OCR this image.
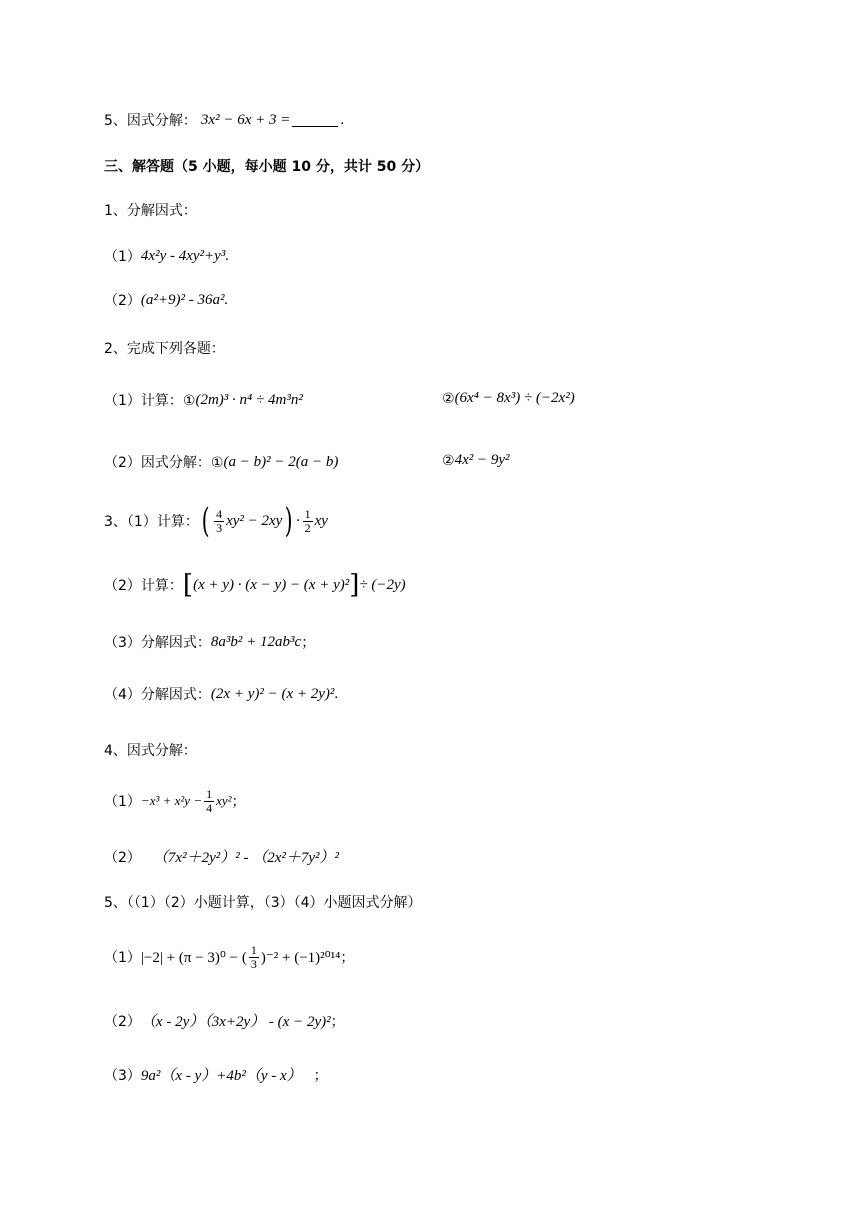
5、因式分解： 3x² − 6x + 3 =	.
三、解答题（5 小题，每小题 10 分，共计 50 分）
1、分解因式：
（1） 4x²y - 4xy²+y³.
（2） (a²+9)² - 36a².
2、完成下列各题：
（1）计算：① (2m)³ · n⁴ ÷ 4m³n²	② (6x⁴ − 8x³) ÷ (−2x²)
（2）因式分解：① (a − b)² − 2(a − b)	② 4x² − 9y²
3、（1）计算： ( $\frac{4}{3} xy^2 - 2xy$ ) · $\frac{1}{2}$ xy
（2）计算： [ (x + y) · (x − y) − (x + y)² ] ÷ (−2y)
（3）分解因式： 8a³b² + 12ab³c ；
（4）分解因式： (2x + y)² − (x + 2y)² .
4、因式分解：
$(1) -x^3 + x^2y - \frac{1}{4} xy^2$ ；
（2） （7x²＋2y²）² - （2x²＋7y²）²
5、（（1）（2）小题计算，（3）（4）小题因式分解）
（1） |−2| + (π − 3)⁰ − ( $\frac{1}{3} )^{-2} + (-1)^{2014}$ ；
（2） （x - 2y）（3x+2y） - (x − 2y)² ；
（3） 9a²（x - y）+4b²（y - x） ；
